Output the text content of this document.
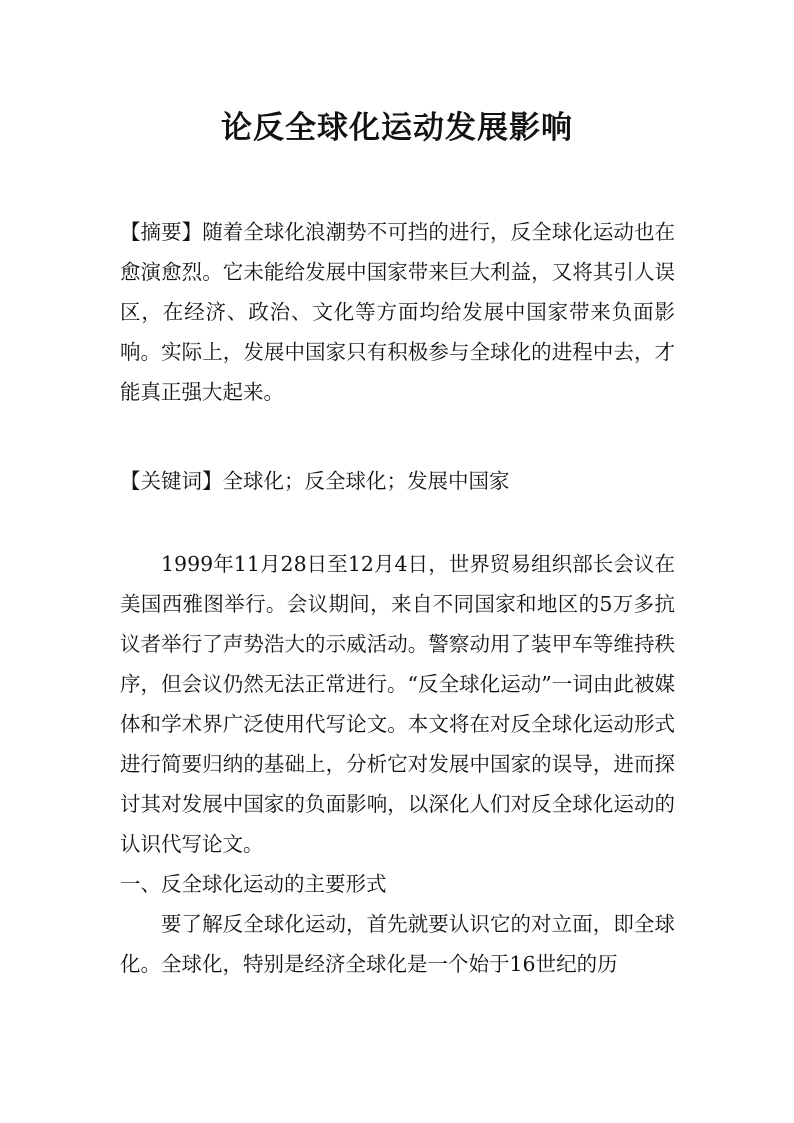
论反全球化运动发展影响
【摘要】随着全球化浪潮势不可挡的进行，反全球化运动也在愈演愈烈。它未能给发展中国家带来巨大利益，又将其引人误区，在经济、政治、文化等方面均给发展中国家带来负面影响。实际上，发展中国家只有积极参与全球化的进程中去，才能真正强大起来。
【关键词】全球化；反全球化；发展中国家
1999年11月28日至12月4日，世界贸易组织部长会议在美国西雅图举行。会议期间，来自不同国家和地区的5万多抗议者举行了声势浩大的示威活动。警察动用了装甲车等维持秩序，但会议仍然无法正常进行。“反全球化运动”一词由此被媒体和学术界广泛使用代写论文。本文将在对反全球化运动形式进行简要归纳的基础上，分析它对发展中国家的误导，进而探讨其对发展中国家的负面影响，以深化人们对反全球化运动的认识代写论文。
一、反全球化运动的主要形式
要了解反全球化运动，首先就要认识它的对立面，即全球化。全球化，特别是经济全球化是一个始于16世纪的历
